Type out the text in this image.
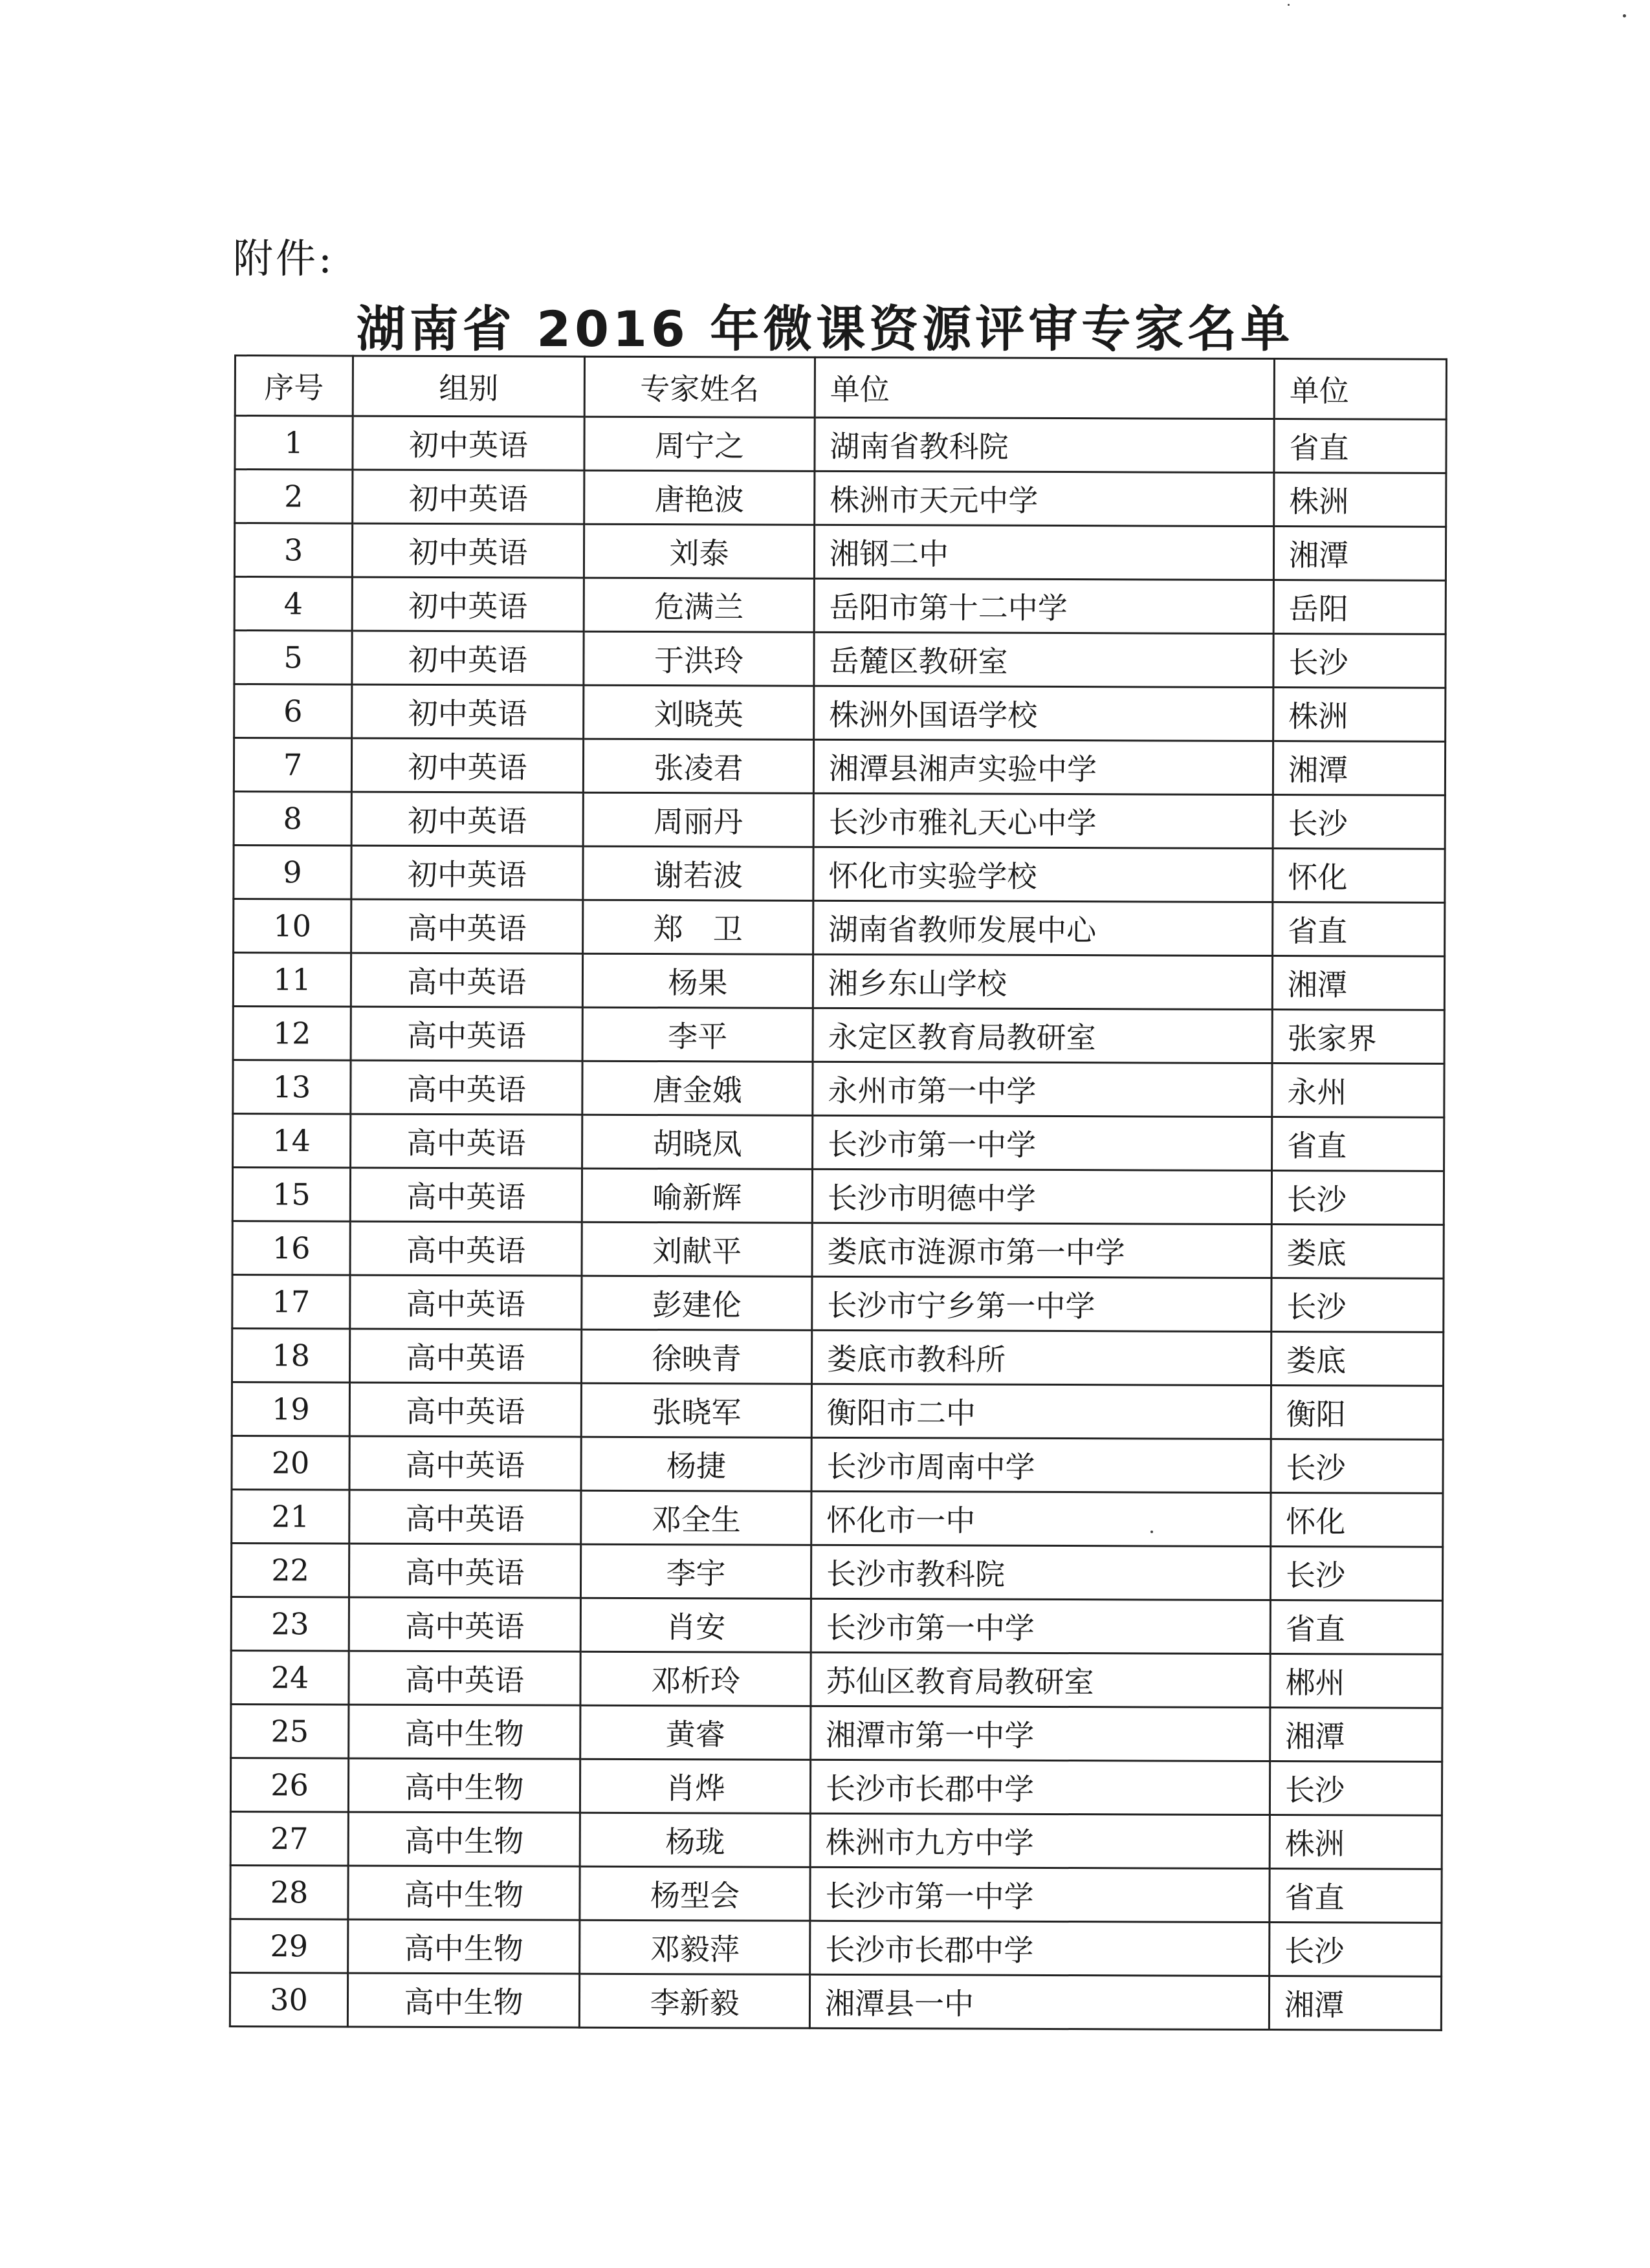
附件:
湖南省 2016 年微课资源评审专家名单
序号	组别	专家姓名	单位	单位
1	初中英语	周宁之	湖南省教科院	省直
2	初中英语	唐艳波	株洲市天元中学	株洲
3	初中英语	刘泰	湘钢二中	湘潭
4	初中英语	危满兰	岳阳市第十二中学	岳阳
5	初中英语	于洪玲	岳麓区教研室	长沙
6	初中英语	刘晓英	株洲外国语学校	株洲
7	初中英语	张凌君	湘潭县湘声实验中学	湘潭
8	初中英语	周丽丹	长沙市雅礼天心中学	长沙
9	初中英语	谢若波	怀化市实验学校	怀化
10	高中英语	郑　卫	湖南省教师发展中心	省直
11	高中英语	杨果	湘乡东山学校	湘潭
12	高中英语	李平	永定区教育局教研室	张家界
13	高中英语	唐金娥	永州市第一中学	永州
14	高中英语	胡晓凤	长沙市第一中学	省直
15	高中英语	喻新辉	长沙市明德中学	长沙
16	高中英语	刘献平	娄底市涟源市第一中学	娄底
17	高中英语	彭建伦	长沙市宁乡第一中学	长沙
18	高中英语	徐映青	娄底市教科所	娄底
19	高中英语	张晓军	衡阳市二中	衡阳
20	高中英语	杨捷	长沙市周南中学	长沙
21	高中英语	邓全生	怀化市一中	怀化
22	高中英语	李宇	长沙市教科院	长沙
23	高中英语	肖安	长沙市第一中学	省直
24	高中英语	邓析玲	苏仙区教育局教研室	郴州
25	高中生物	黄睿	湘潭市第一中学	湘潭
26	高中生物	肖烨	长沙市长郡中学	长沙
27	高中生物	杨珑	株洲市九方中学	株洲
28	高中生物	杨型会	长沙市第一中学	省直
29	高中生物	邓毅萍	长沙市长郡中学	长沙
30	高中生物	李新毅	湘潭县一中	湘潭
